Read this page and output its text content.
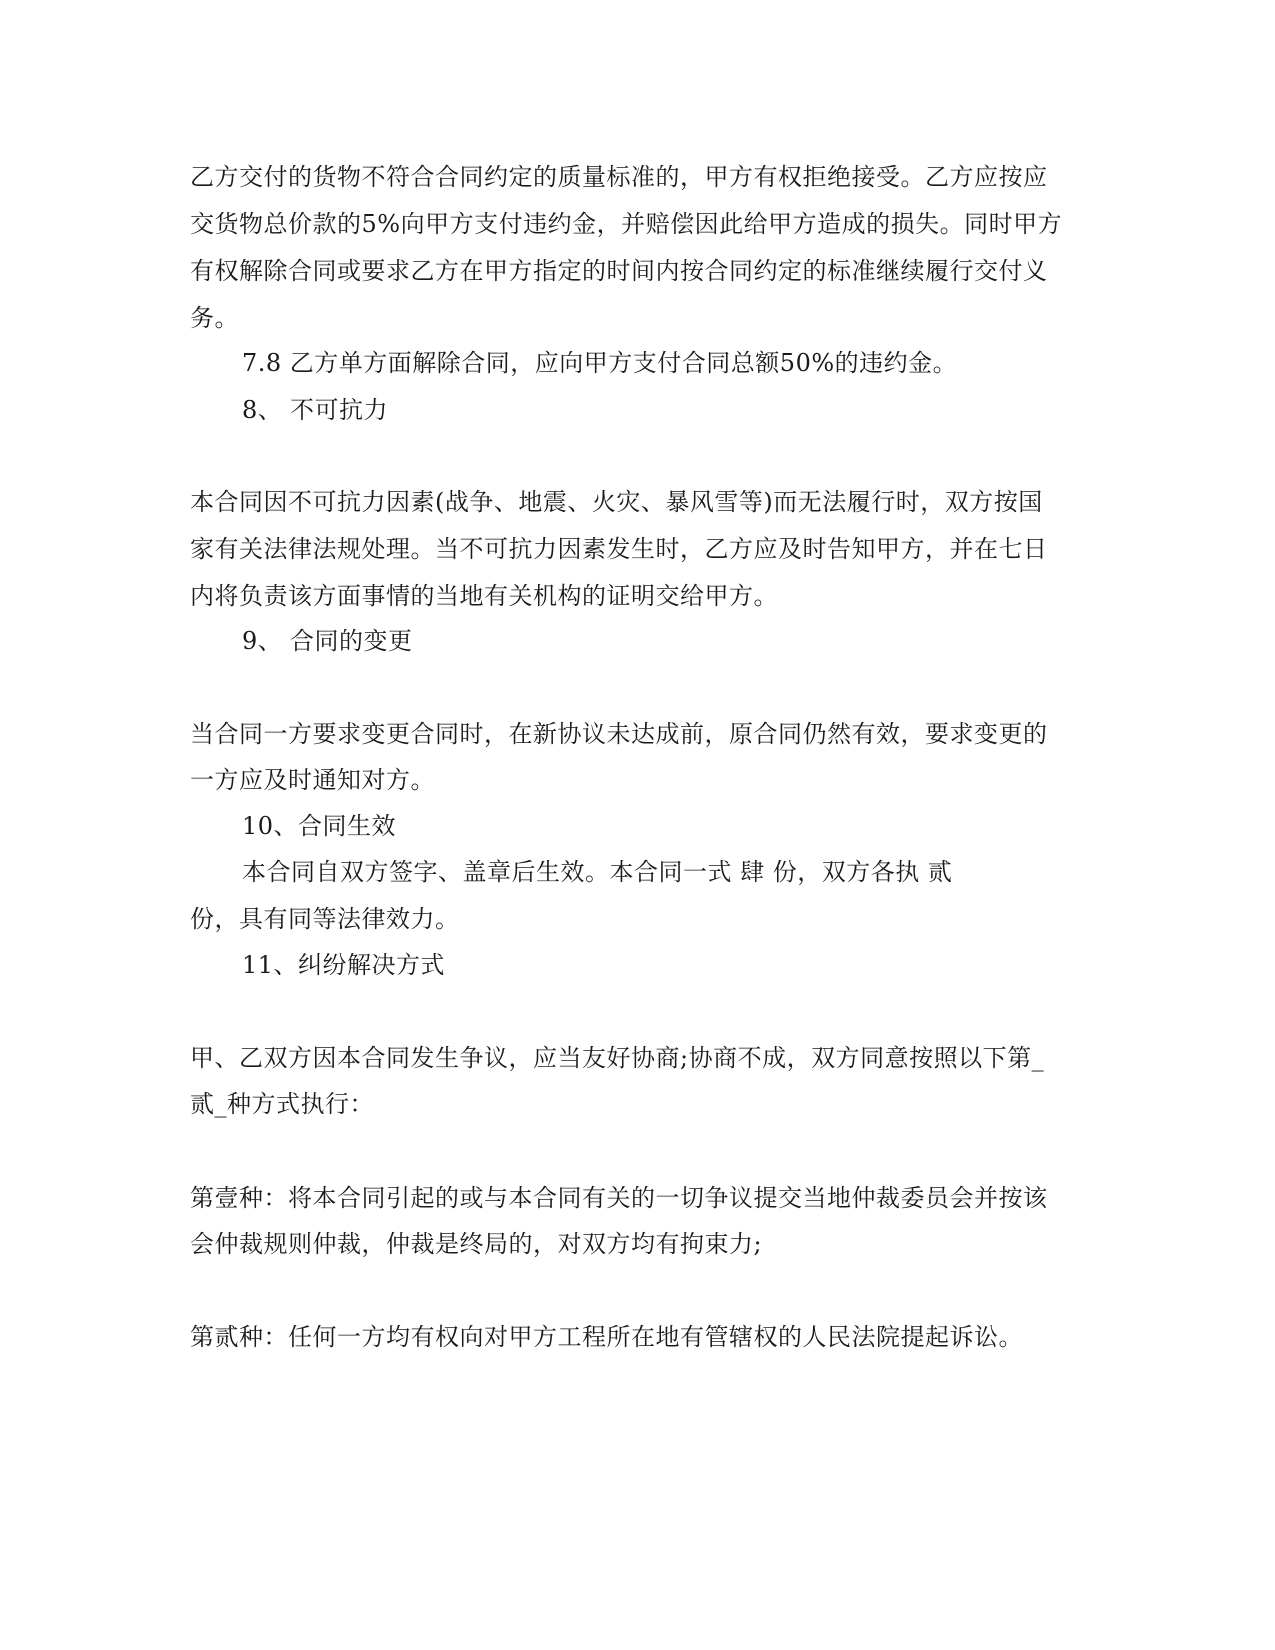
乙方交付的货物不符合合同约定的质量标准的，甲方有权拒绝接受。乙方应按应
交货物总价款的5%向甲方支付违约金，并赔偿因此给甲方造成的损失。同时甲方
有权解除合同或要求乙方在甲方指定的时间内按合同约定的标准继续履行交付义
务。
7.8 乙方单方面解除合同，应向甲方支付合同总额50%的违约金。
8、 不可抗力
本合同因不可抗力因素(战争、地震、火灾、暴风雪等)而无法履行时，双方按国
家有关法律法规处理。当不可抗力因素发生时，乙方应及时告知甲方，并在七日
内将负责该方面事情的当地有关机构的证明交给甲方。
9、 合同的变更
当合同一方要求变更合同时，在新协议未达成前，原合同仍然有效，要求变更的
一方应及时通知对方。
10、合同生效
本合同自双方签字、盖章后生效。本合同一式 肆 份，双方各执 贰
份，具有同等法律效力。
11、纠纷解决方式
甲、乙双方因本合同发生争议，应当友好协商;协商不成，双方同意按照以下第_
贰_种方式执行：
第壹种：将本合同引起的或与本合同有关的一切争议提交当地仲裁委员会并按该
会仲裁规则仲裁，仲裁是终局的，对双方均有拘束力;
第贰种：任何一方均有权向对甲方工程所在地有管辖权的人民法院提起诉讼。
